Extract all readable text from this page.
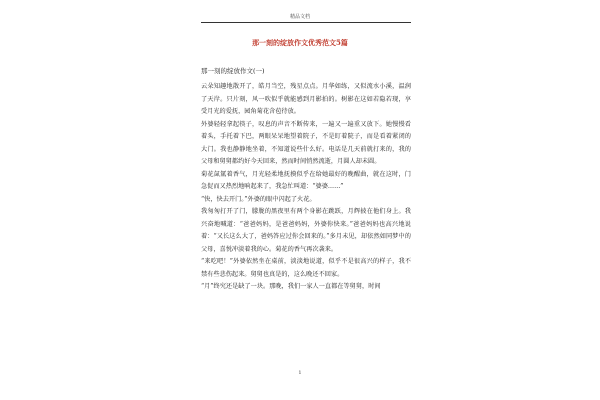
精品文档
那一刻的绽放作文优秀范文5篇
那一刻的绽放作文(一)

云朵知趣地散开了，皓月当空，残星点点。月华如练，又似流水小溪，温润了天岸。只片刻，风一吹似乎就能感到月影拍的。树影在这如若隐若现，享受月光的爱抚，园角菊花含苞待放。

外婆轻轻拿起筷子，叹息的声音不断传来，一遍又一遍重又放下。她慢慢看着头，手托着下巴，两眼呆呆地望着院子，不是盯着院子，而是看着紧闭的大门。我也静静地坐着，不知道说些什么好。电话是几天前就打来的，我的父母和舅舅都约好今天回来，然而时间悄然流逝，月圆人却未圆。

菊花氤氲着香气，月光轻柔地抚摸似乎在给她最好的晚醒曲，就在这时，门急促而又热烈地响起来了，我急忙叫道：“婆婆……”

“快，快去开门。”外婆的眼中闪起了火花。

我匆匆打开了门，朦胧的黑夜里有两个身影在跳跃，月辉披在他们身上。我兴奋地喊道：“爸爸妈妈，是爸爸妈妈，外婆你快来。”爸爸妈妈也高兴地说着：“又长这么大了，爸妈答应过你会回来的。”多月未见，却依然如同梦中的父母，喜悦冲淡着我的心。菊花的香气再次袭来。

“来吃吧！”外婆依然坐在桌前，淡淡地说道，似乎不是很高兴的样子，我不禁有些悲伤起来。舅舅也真是的，这么晚还不回家。

“月”终究还是缺了一块。那晚，我们一家人一直都在等舅舅，时间

1
